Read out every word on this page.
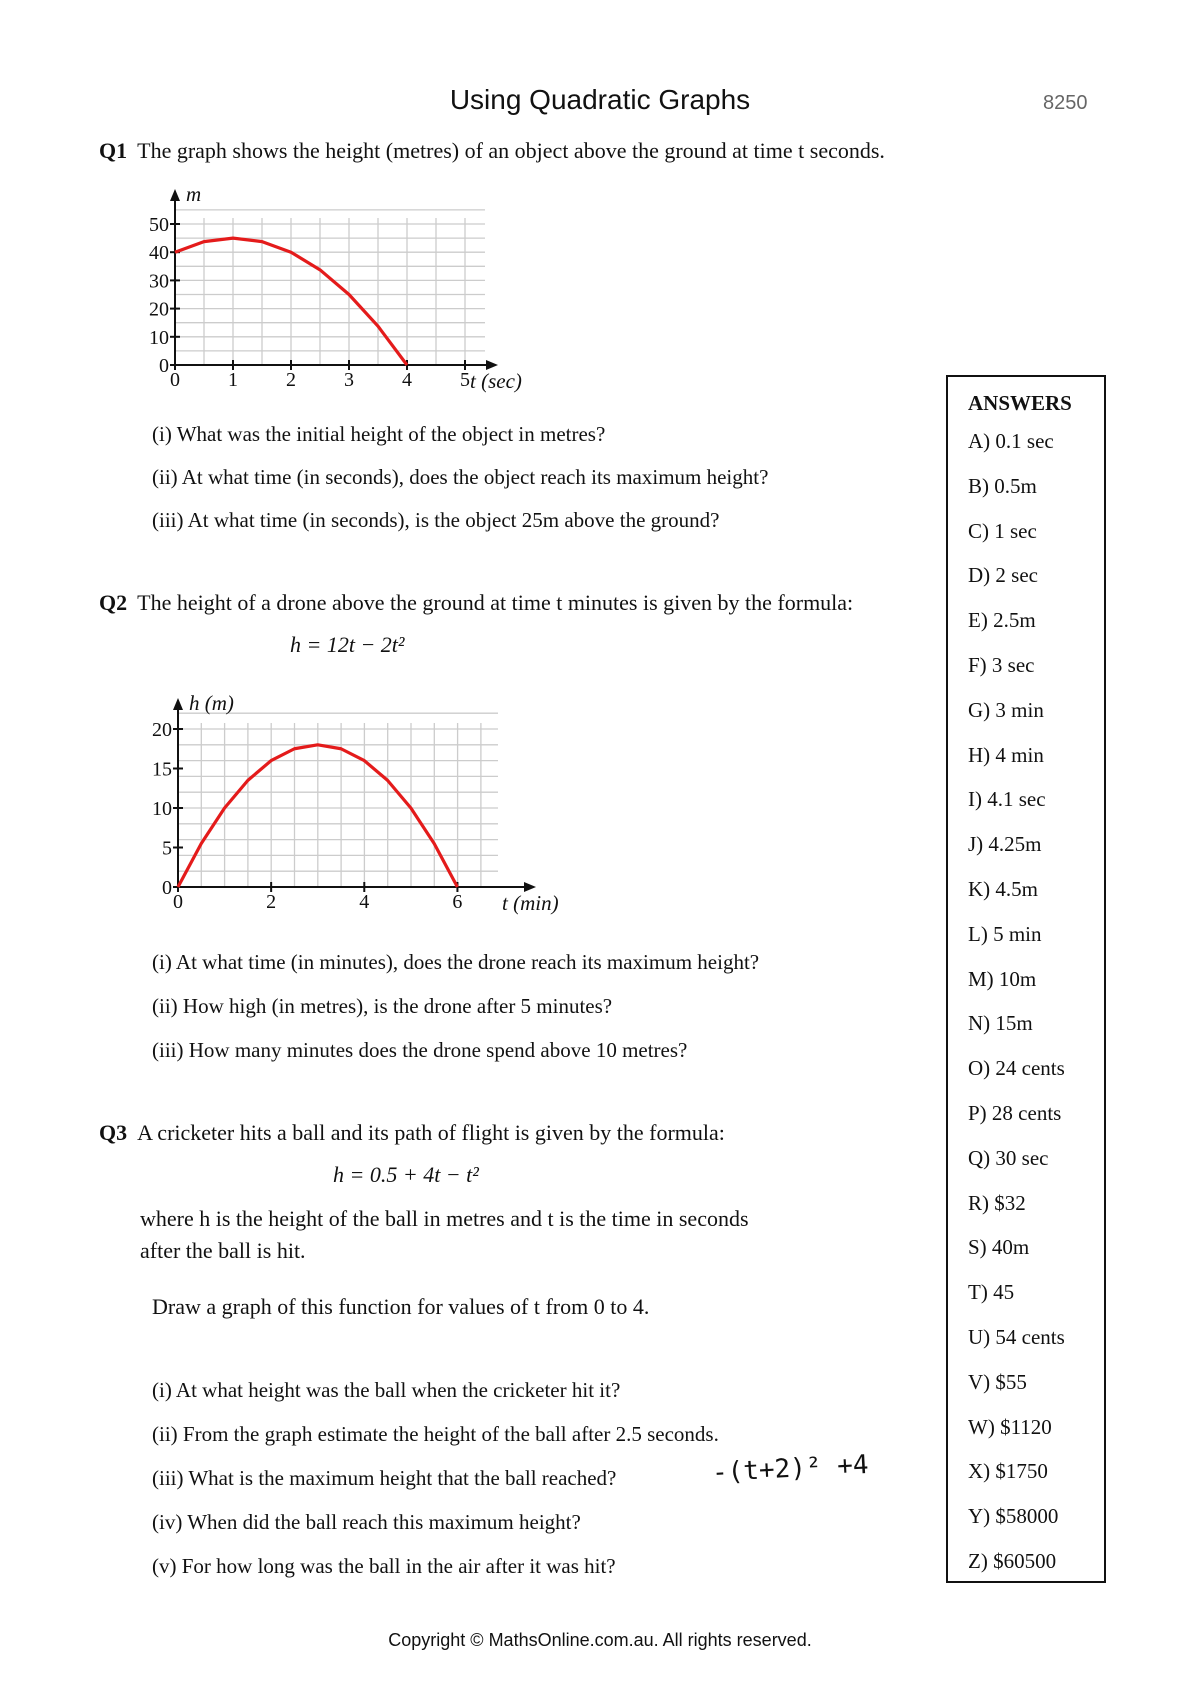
Using Quadratic Graphs	8250
Q1 The graph shows the height (metres) of an object above the ground at time t seconds.
0 1 2 3 4 5
0
10
20
30
40
50
t (sec)
m
(i) What was the initial height of the object in metres?
(ii) At what time (in seconds), does the object reach its maximum height?
(iii) At what time (in seconds), is the object 25m above the ground?
Q2 The height of a drone above the ground at time t minutes is given by the formula:
h = 12t − 2t²
0	2	4	6
0
5
10
15
20
t (min)
h (m)
(i) At what time (in minutes), does the drone reach its maximum height?
(ii) How high (in metres), is the drone after 5 minutes?
(iii) How many minutes does the drone spend above 10 metres?
Q3 A cricketer hits a ball and its path of flight is given by the formula:
h = 0.5 + 4t − t²
where h is the height of the ball in metres and t is the time in seconds
after the ball is hit.
Draw a graph of this function for values of t from 0 to 4.
(i) At what height was the ball when the cricketer hit it?
(ii) From the graph estimate the height of the ball after 2.5 seconds.
(iii) What is the maximum height that the ball reached?
(iv) When did the ball reach this maximum height?
(v) For how long was the ball in the air after it was hit?
-(t+2)² +4
ANSWERS
A) 0.1 sec
B) 0.5m
C) 1 sec
D) 2 sec
E) 2.5m
F) 3 sec
G) 3 min
H) 4 min
I) 4.1 sec
J) 4.25m
K) 4.5m
L) 5 min
M) 10m
N) 15m
O) 24 cents
P) 28 cents
Q) 30 sec
R) $32
S) 40m
T) 45
U) 54 cents
V) $55
W) $1120
X) $1750
Y) $58000
Z) $60500
Copyright © MathsOnline.com.au. All rights reserved.
